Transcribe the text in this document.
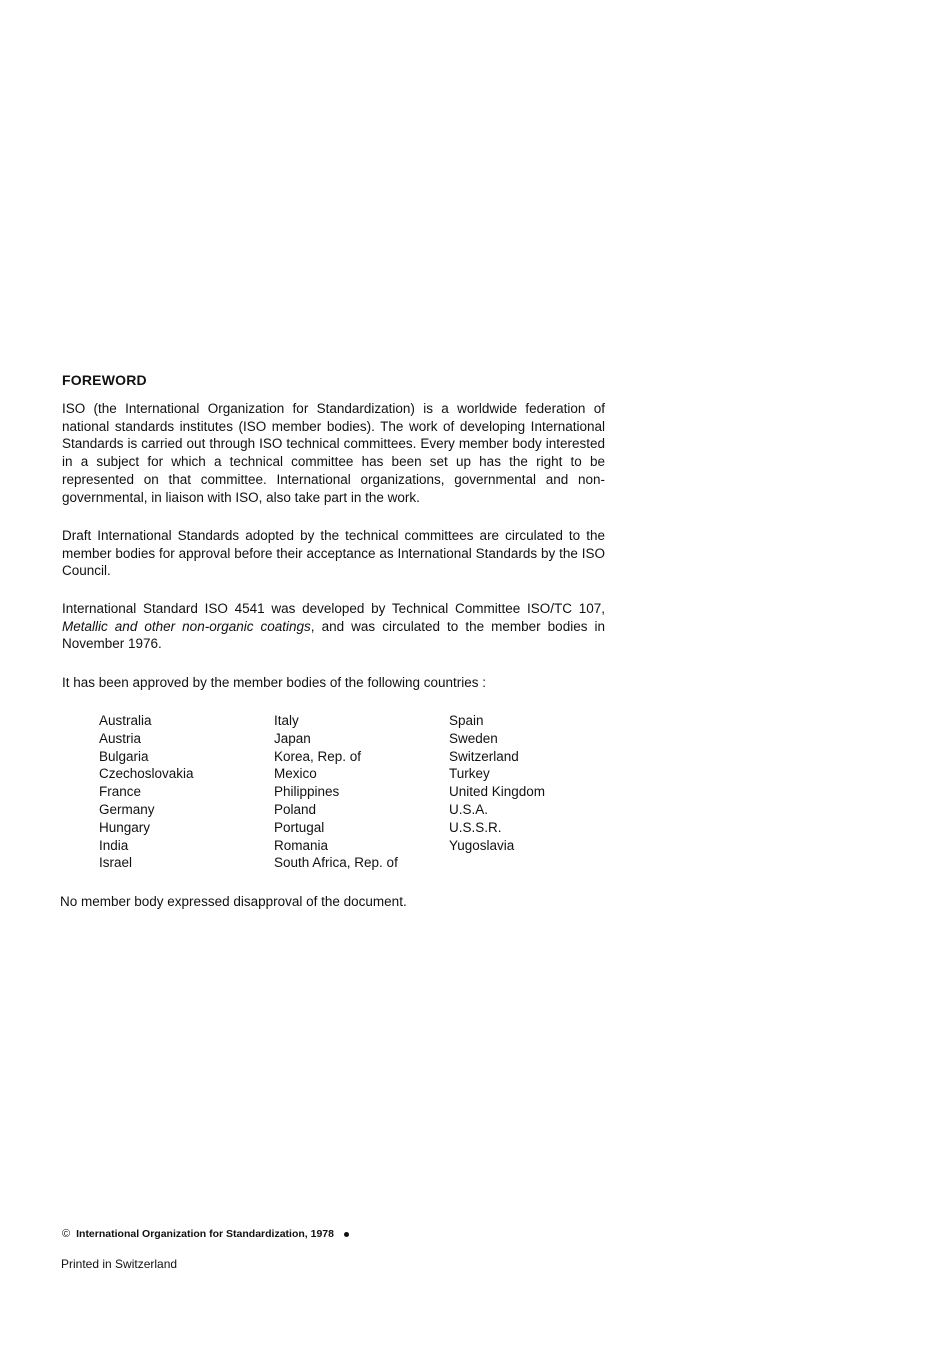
FOREWORD

ISO (the International Organization for Standardization) is a worldwide federation of national standards institutes (ISO member bodies). The work of developing International Standards is carried out through ISO technical committees. Every member body interested in a subject for which a technical committee has been set up has the right to be represented on that committee. International organizations, governmental and non-governmental, in liaison with ISO, also take part in the work.

Draft International Standards adopted by the technical committees are circulated to the member bodies for approval before their acceptance as International Standards by the ISO Council.

International Standard ISO 4541 was developed by Technical Committee ISO/TC 107, Metallic and other non-organic coatings, and was circulated to the member bodies in November 1976.

It has been approved by the member bodies of the following countries :

Australia
Austria
Bulgaria
Czechoslovakia
France
Germany
Hungary
India
Israel
Italy
Japan
Korea, Rep. of
Mexico
Philippines
Poland
Portugal
Romania
South Africa, Rep. of
Spain
Sweden
Switzerland
Turkey
United Kingdom
U.S.A.
U.S.S.R.
Yugoslavia
No member body expressed disapproval of the document.
© International Organization for Standardization, 1978
Printed in Switzerland
